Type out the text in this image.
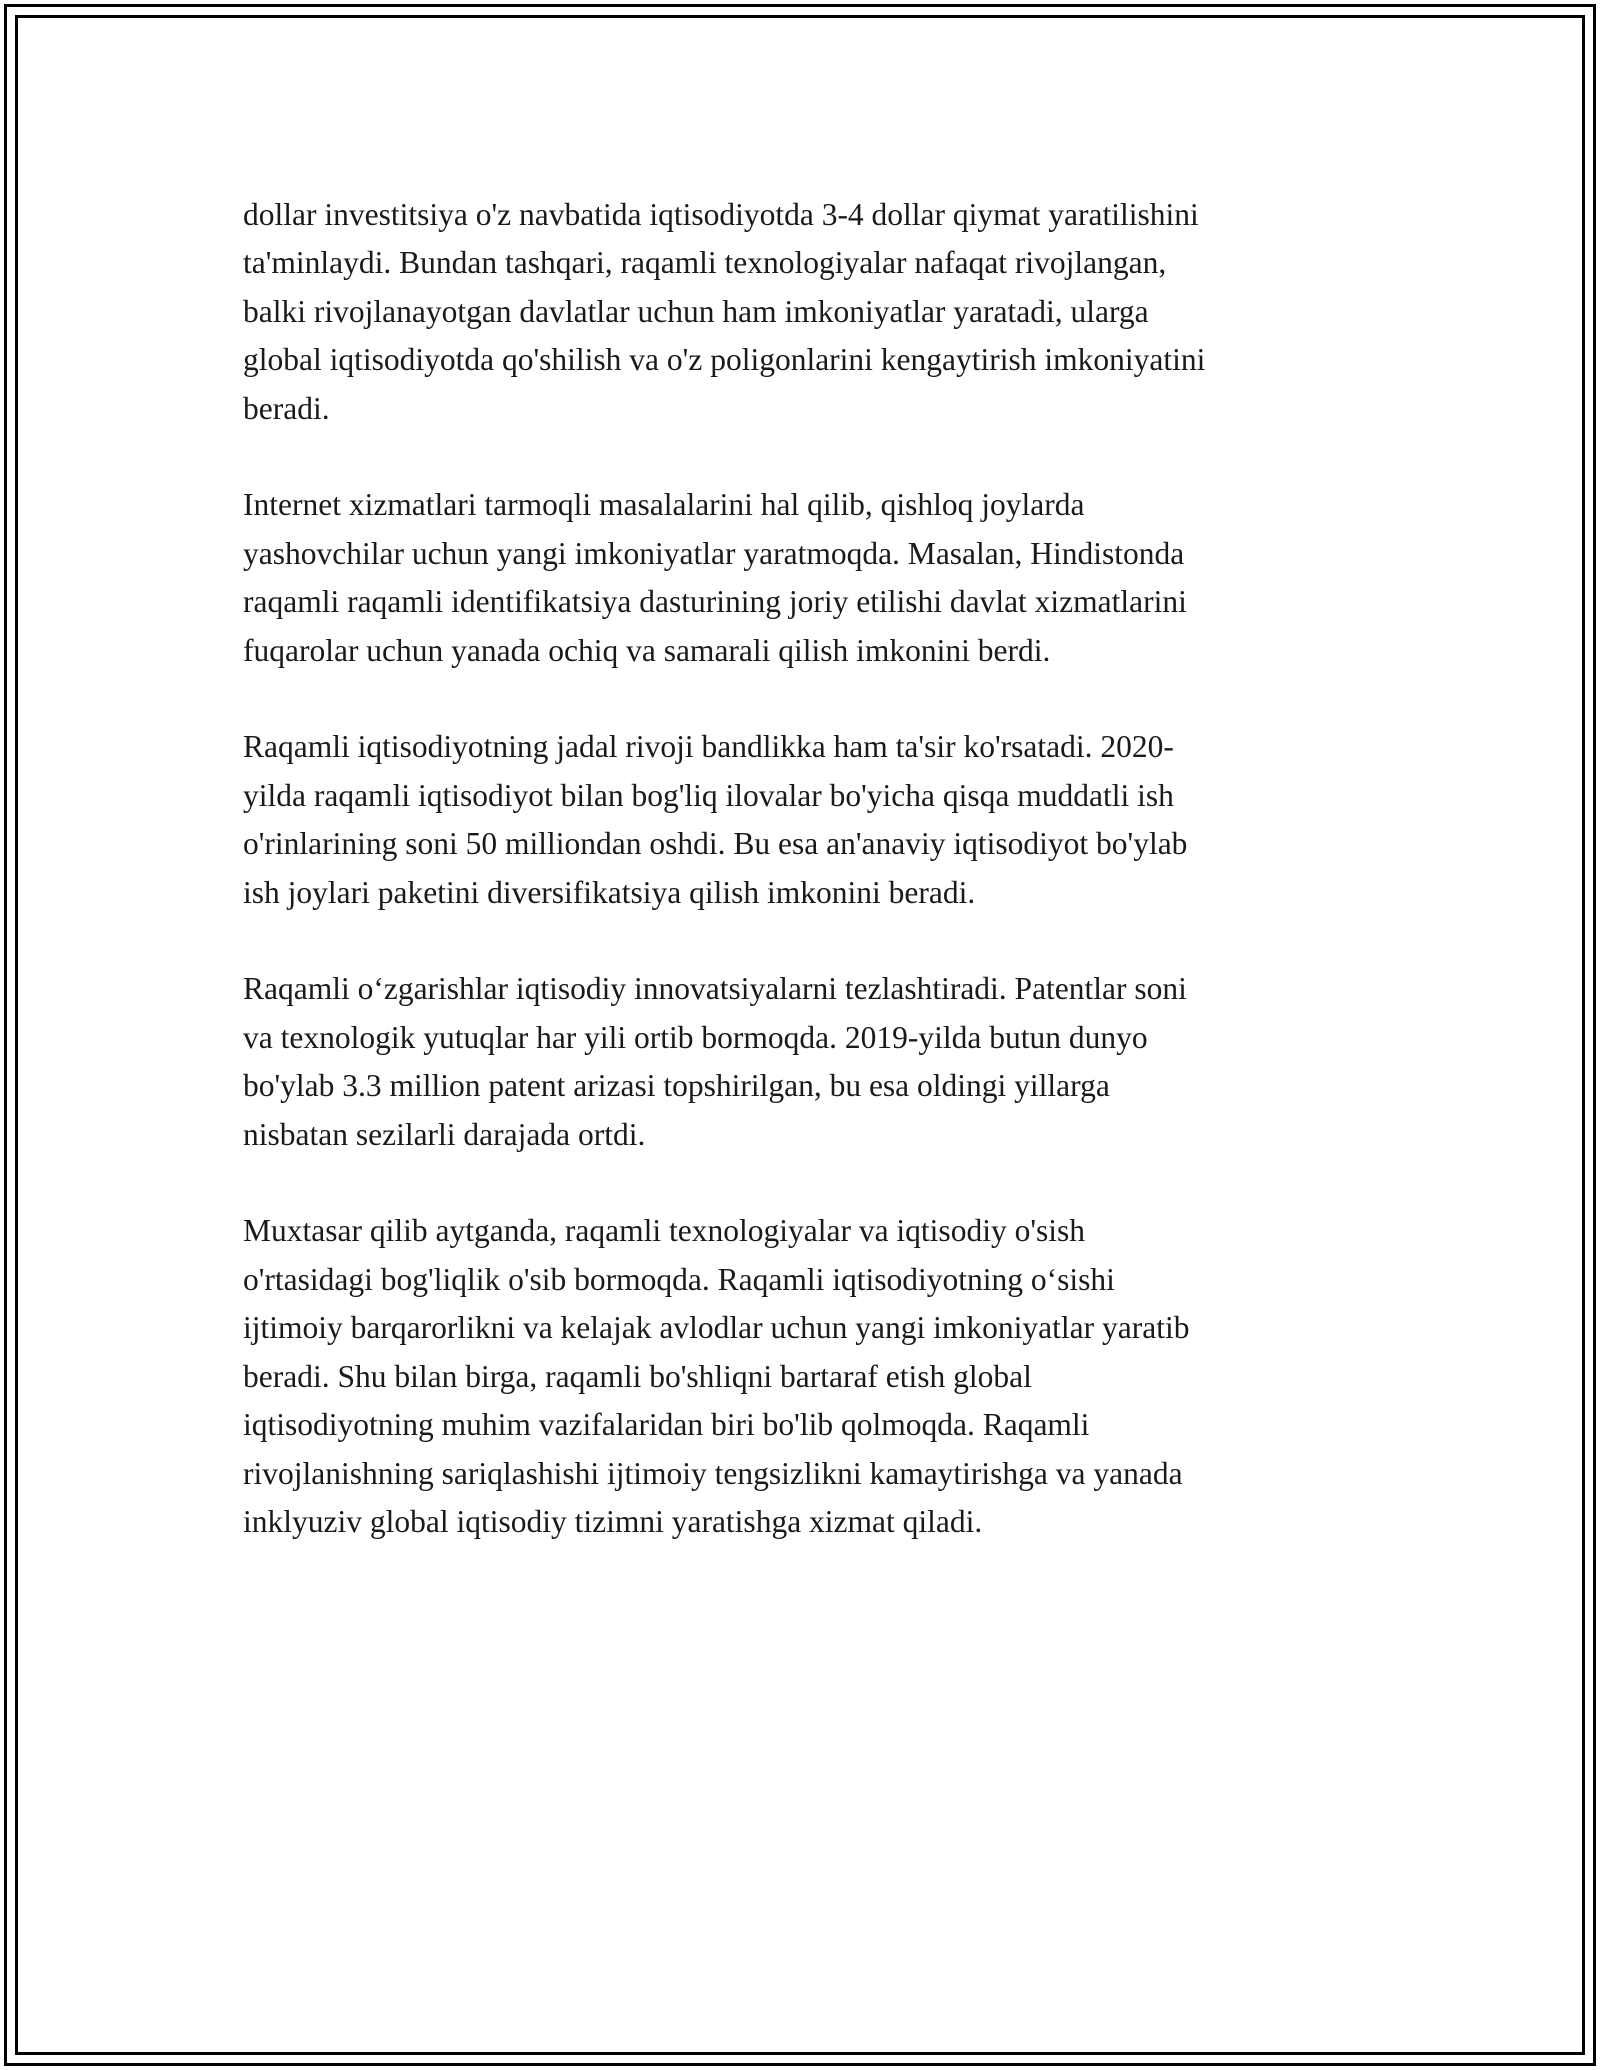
dollar investitsiya o'z navbatida iqtisodiyotda 3-4 dollar qiymat yaratilishini
ta'minlaydi. Bundan tashqari, raqamli texnologiyalar nafaqat rivojlangan,
balki rivojlanayotgan davlatlar uchun ham imkoniyatlar yaratadi, ularga
global iqtisodiyotda qo'shilish va o'z poligonlarini kengaytirish imkoniyatini
beradi.

Internet xizmatlari tarmoqli masalalarini hal qilib, qishloq joylarda
yashovchilar uchun yangi imkoniyatlar yaratmoqda. Masalan, Hindistonda
raqamli raqamli identifikatsiya dasturining joriy etilishi davlat xizmatlarini
fuqarolar uchun yanada ochiq va samarali qilish imkonini berdi.

Raqamli iqtisodiyotning jadal rivoji bandlikka ham ta'sir ko'rsatadi. 2020-
yilda raqamli iqtisodiyot bilan bog'liq ilovalar bo'yicha qisqa muddatli ish
o'rinlarining soni 50 milliondan oshdi. Bu esa an'anaviy iqtisodiyot bo'ylab
ish joylari paketini diversifikatsiya qilish imkonini beradi.

Raqamli o‘zgarishlar iqtisodiy innovatsiyalarni tezlashtiradi. Patentlar soni
va texnologik yutuqlar har yili ortib bormoqda. 2019-yilda butun dunyo
bo'ylab 3.3 million patent arizasi topshirilgan, bu esa oldingi yillarga
nisbatan sezilarli darajada ortdi.

Muxtasar qilib aytganda, raqamli texnologiyalar va iqtisodiy o'sish
o'rtasidagi bog'liqlik o'sib bormoqda. Raqamli iqtisodiyotning o‘sishi
ijtimoiy barqarorlikni va kelajak avlodlar uchun yangi imkoniyatlar yaratib
beradi. Shu bilan birga, raqamli bo'shliqni bartaraf etish global
iqtisodiyotning muhim vazifalaridan biri bo'lib qolmoqda. Raqamli
rivojlanishning sariqlashishi ijtimoiy tengsizlikni kamaytirishga va yanada
inklyuziv global iqtisodiy tizimni yaratishga xizmat qiladi.
